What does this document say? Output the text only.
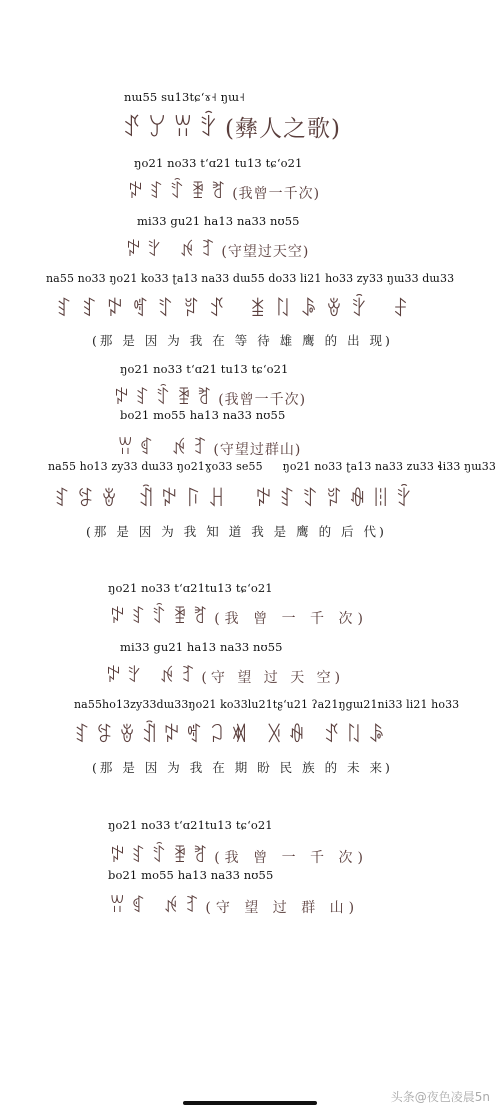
nɯ55 su13tɕʻɤ˧ ŋɯ˧
ꀋꌦꀕꇫ(彝人之歌)
ŋo21 no33 tʻɑ21 tu13 tɕʻo21
ꉢꆏꄷꄿꐛ(我曾一千次)
mi33 gu21 ha13 na33 nʊ55
ꉢꇬ ꉌꆈ(守望过天空)
na55 no33 ŋo21 ko33 ʈa13 na33 dɯ55 do33 li21 ho33 zy33 ŋɯ33 dɯ33
ꆏꆏꉢꈩꄸꆍꀋ ꁧꇁꎪꎴꇫ ꄐ
(那 是 因 为 我 在 等 待 雄 鹰 的 出 现)
ŋo21 no33 tʻɑ21 tu13 tɕʻo21
ꉢꆏꄷꄿꐛ(我曾一千次)
bo21 mo55 ha13 na33 nʊ55
ꀕꁍ ꉌꆈ(守望过群山)
na55 ho13 zy33 dɯ33 ŋo21ɣo33 se55 ŋo21 no33 ʈa13 na33 zu33 ɬi33 ŋɯ33
ꆏꉎꎴ ꀉꉢꑍꃅ ꉢꆏꄸꆍꊿꈨꇫ
(那 是 因 为 我 知 道 我 是 鹰 的 后 代)
ŋo21 no33 tʻɑ21tu13 tɕʻo21
ꉢꆏꄷꄿꐛ(我 曾 一 千 次)
mi33 gu21 ha13 na33 nʊ55
ꉢꇬ ꉌꆈ(守 望 过 天 空)
na55ho13zy33dɯ33ŋo21 ko33lu21tʂʻu21 ʔa21ŋgɯ21ni33 li21 ho33
ꆏꉎꎴꀉꉢꈩꃀꁠ ꋌꊿ ꀋꇁꎪ
(那 是 因 为 我 在 期 盼 民 族 的 未 来)
ŋo21 no33 tʻɑ21tu13 tɕʻo21
ꉢꆏꄷꄿꐛ(我 曾 一 千 次)
bo21 mo55 ha13 na33 nʊ55
ꀕꁍ ꉌꆈ(守 望 过 群 山)
头条@夜色凌晨5n
